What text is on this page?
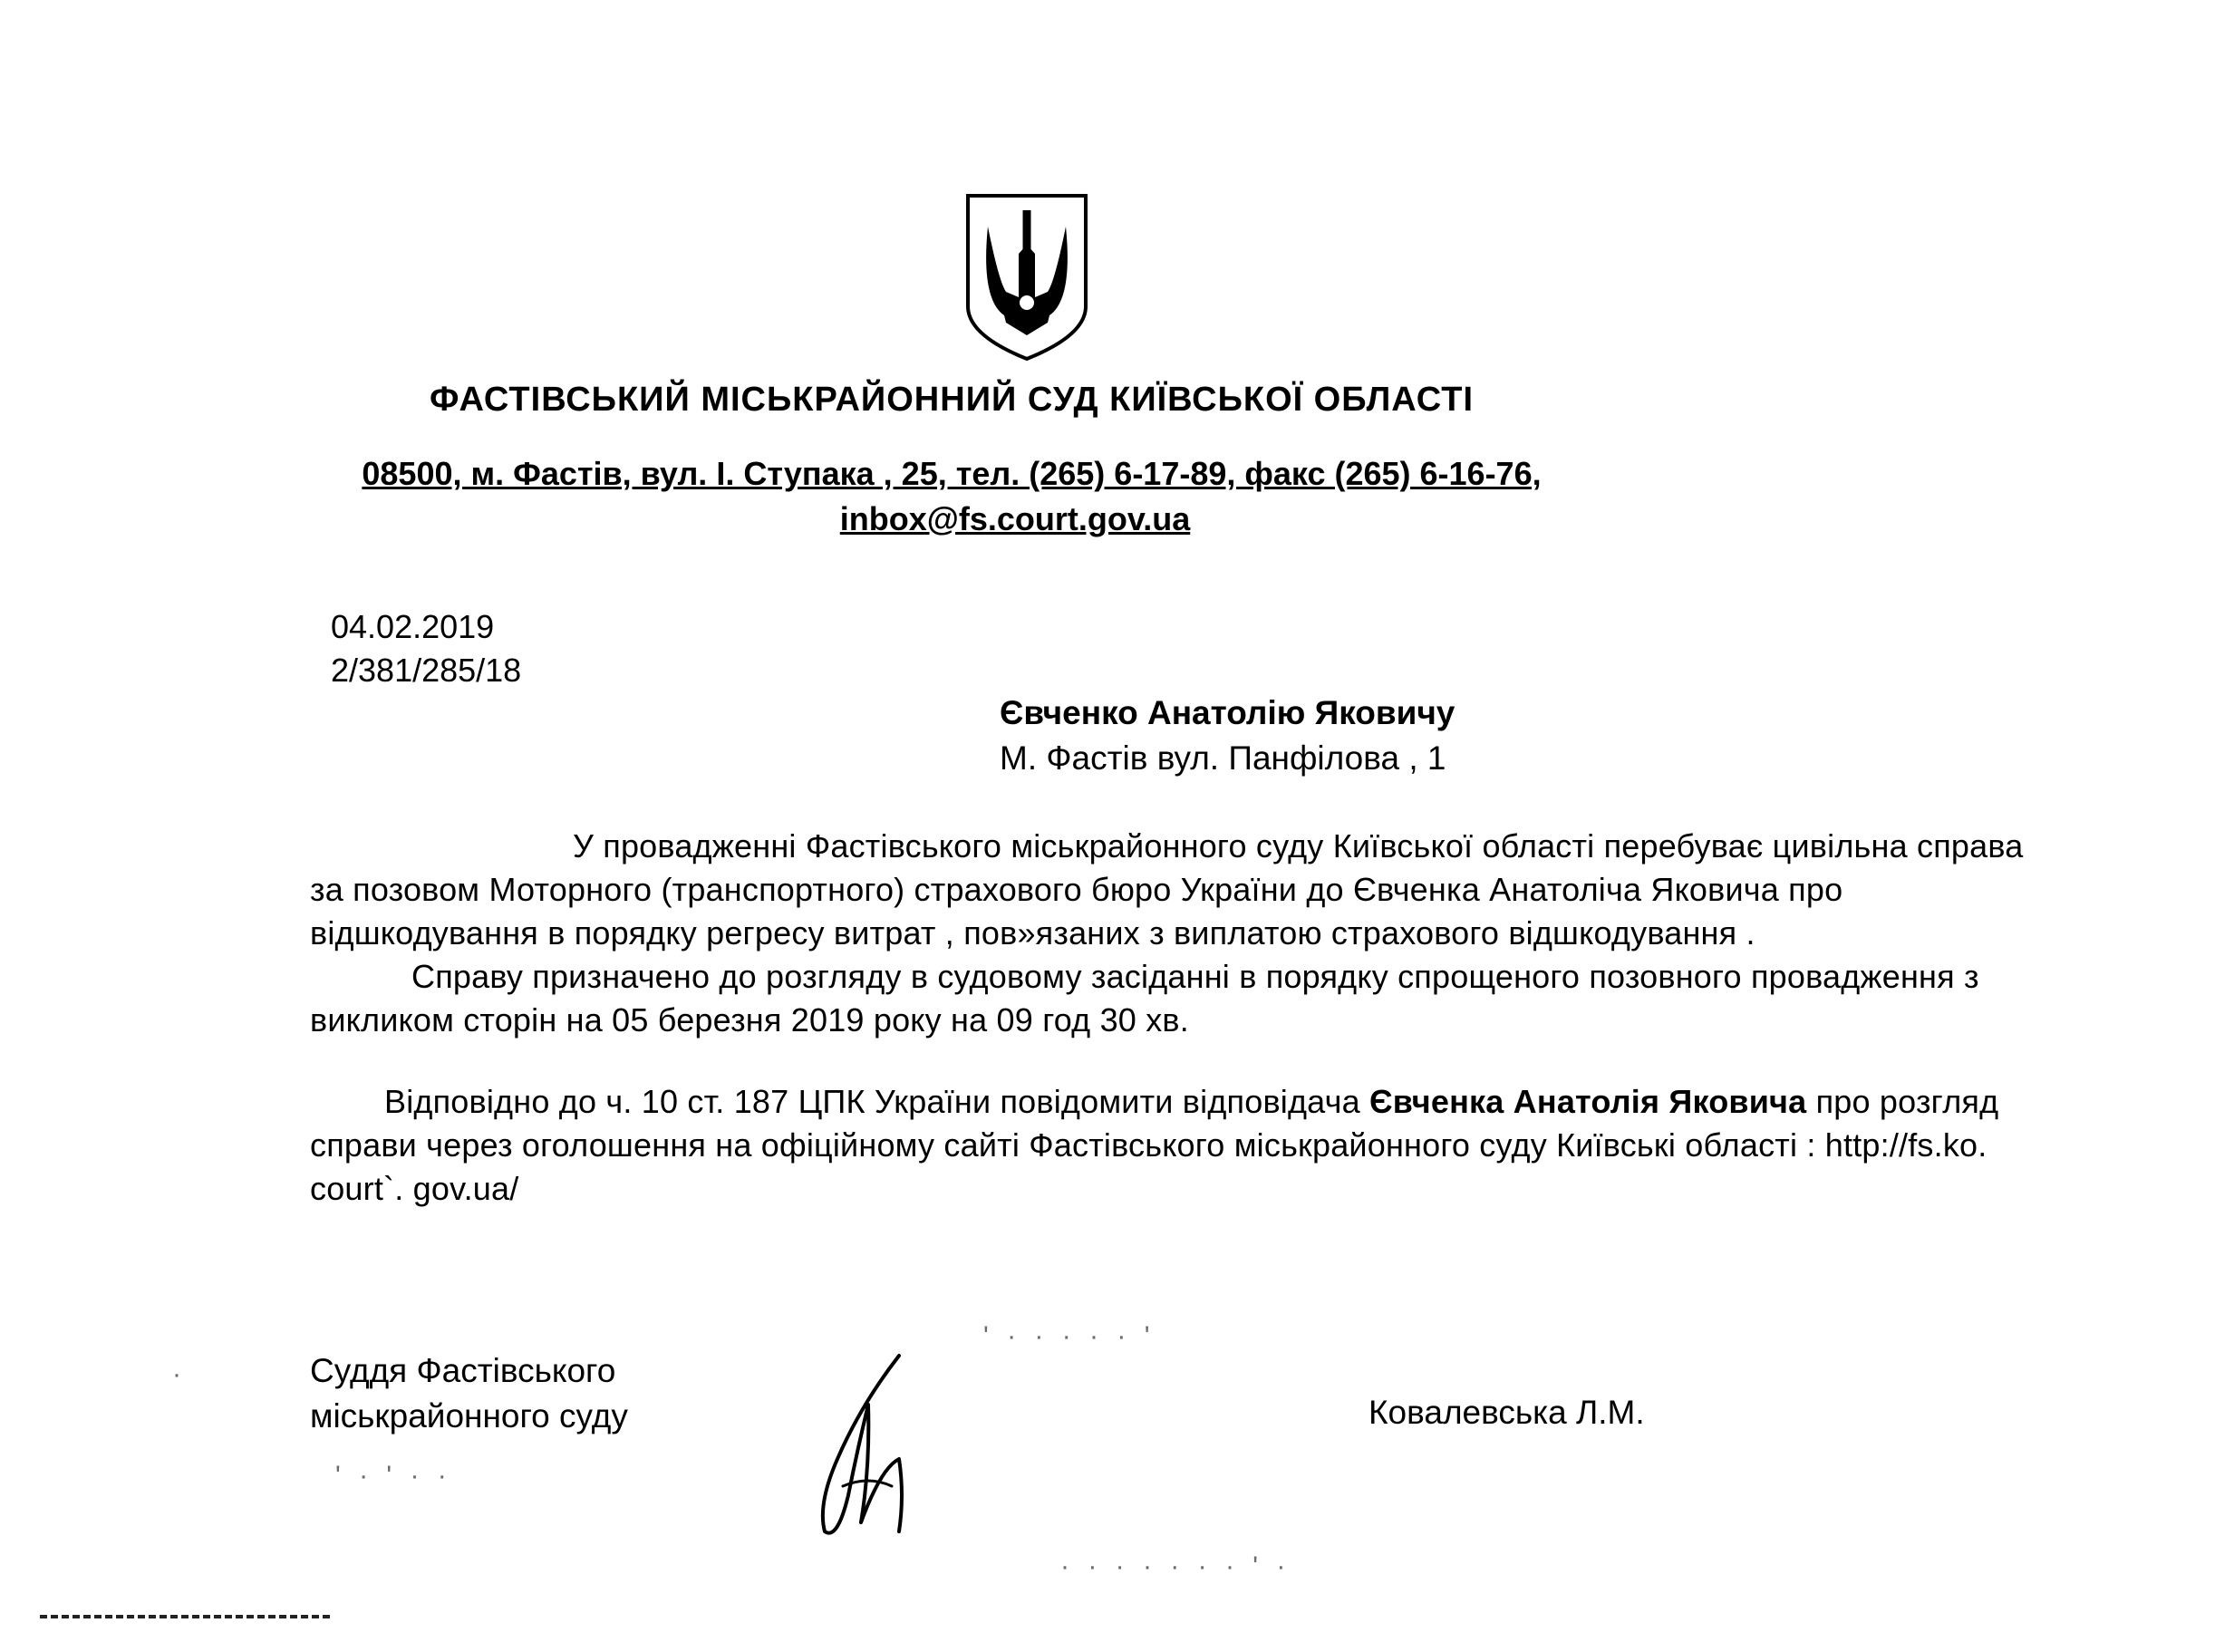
ФАСТІВСЬКИЙ МІСЬКРАЙОННИЙ СУД КИЇВСЬКОЇ ОБЛАСТІ
08500, м. Фастів, вул. І. Ступака , 25, тел. (265) 6-17-89, факс (265) 6-16-76,
inbox@fs.court.gov.ua
04.02.2019
2/381/285/18
Євченко Анатолію Яковичу
М. Фастів вул. Панфілова , 1

У провадженні Фастівського міськрайонного суду Київської області перебуває цивільна справа за позовом Моторного (транспортного) страхового бюро України до Євченка Анатоліча Яковича про відшкодування в порядку регресу витрат , пов»язаних з виплатою страхового відшкодування .

Справу призначено до розгляду в судовому засіданні в порядку спрощеного позовного провадження з викликом сторін на 05 березня 2019 року на 09 год 30 хв.

Відповідно до ч. 10 ст. 187 ЦПК України повідомити відповідача Євченка Анатолія Яковича про розгляд справи через оголошення на офіційному сайті Фастівського міськрайонного суду Київські області : http://fs.ko. court`. gov.ua/

Суддя Фастівського
міськрайонного суду	Ковалевська Л.М.
' · · · · · '
' · ' · ·
· · · · · · · ' ·
·
